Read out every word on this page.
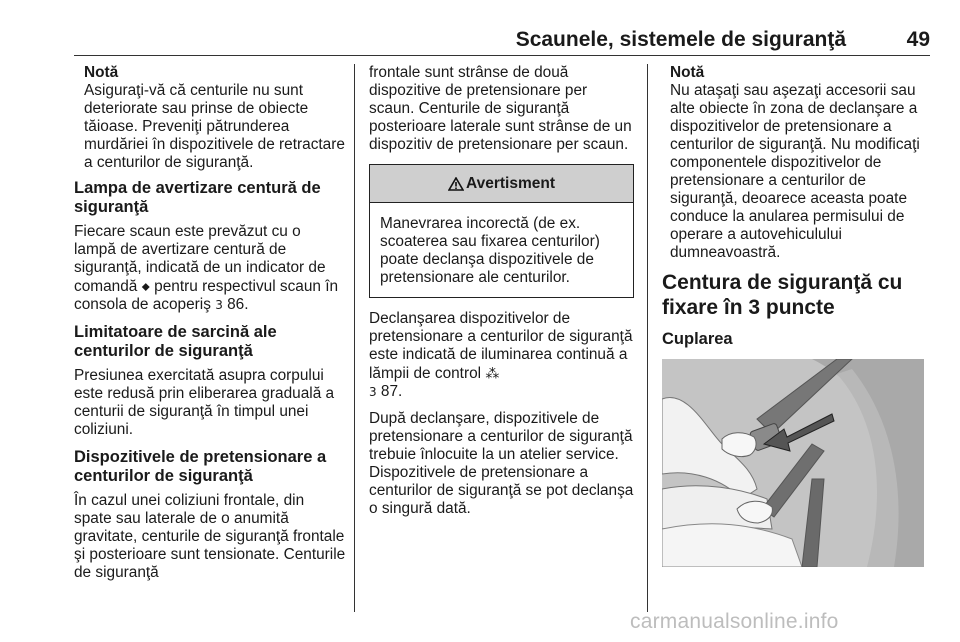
Scaunele, sistemele de siguranţă	49
Notă
Asiguraţi-vă că centurile nu sunt deteriorate sau prinse de obiecte tăioase. Preveniţi pătrunderea murdăriei în dispozitivele de retractare a centurilor de siguranţă.
Lampa de avertizare centură de siguranţă

Fiecare scaun este prevăzut cu o lampă de avertizare centură de siguranţă, indicată de un indicator de comandă 🞙 pentru respectivul scaun în consola de acoperiş 3 86.

Limitatoare de sarcină ale centurilor de siguranţă

Presiunea exercitată asupra corpului este redusă prin eliberarea graduală a centurii de siguranţă în timpul unei coliziuni.

Dispozitivele de pretensionare a centurilor de siguranţă

În cazul unei coliziuni frontale, din spate sau laterale de o anumită gravitate, centurile de siguranţă frontale şi posterioare sunt tensionate. Centurile de siguranţă

frontale sunt strânse de două dispozitive de pretensionare per scaun. Centurile de siguranţă posterioare laterale sunt strânse de un dispozitiv de pretensionare per scaun.

Avertisment
Manevrarea incorectă (de ex. scoaterea sau fixarea centurilor) poate declanşa dispozitivele de pretensionare ale centurilor.

Declanşarea dispozitivelor de pretensionare a centurilor de siguranţă este indicată de iluminarea continuă a lămpii de control ⁂
3 87.

După declanşare, dispozitivele de pretensionare a centurilor de siguranţă trebuie înlocuite la un atelier service. Dispozitivele de pretensionare a centurilor de siguranţă se pot declanşa o singură dată.

Notă
Nu ataşaţi sau aşezaţi accesorii sau alte obiecte în zona de declanşare a dispozitivelor de pretensionare a centurilor de siguranţă. Nu modificaţi componentele dispozitivelor de pretensionare a centurilor de siguranţă, deoarece aceasta poate conduce la anularea permisului de operare a autovehiculului dumneavoastră.
Centura de siguranţă cu fixare în 3 puncte
Cuplarea
carmanualsonline.info
